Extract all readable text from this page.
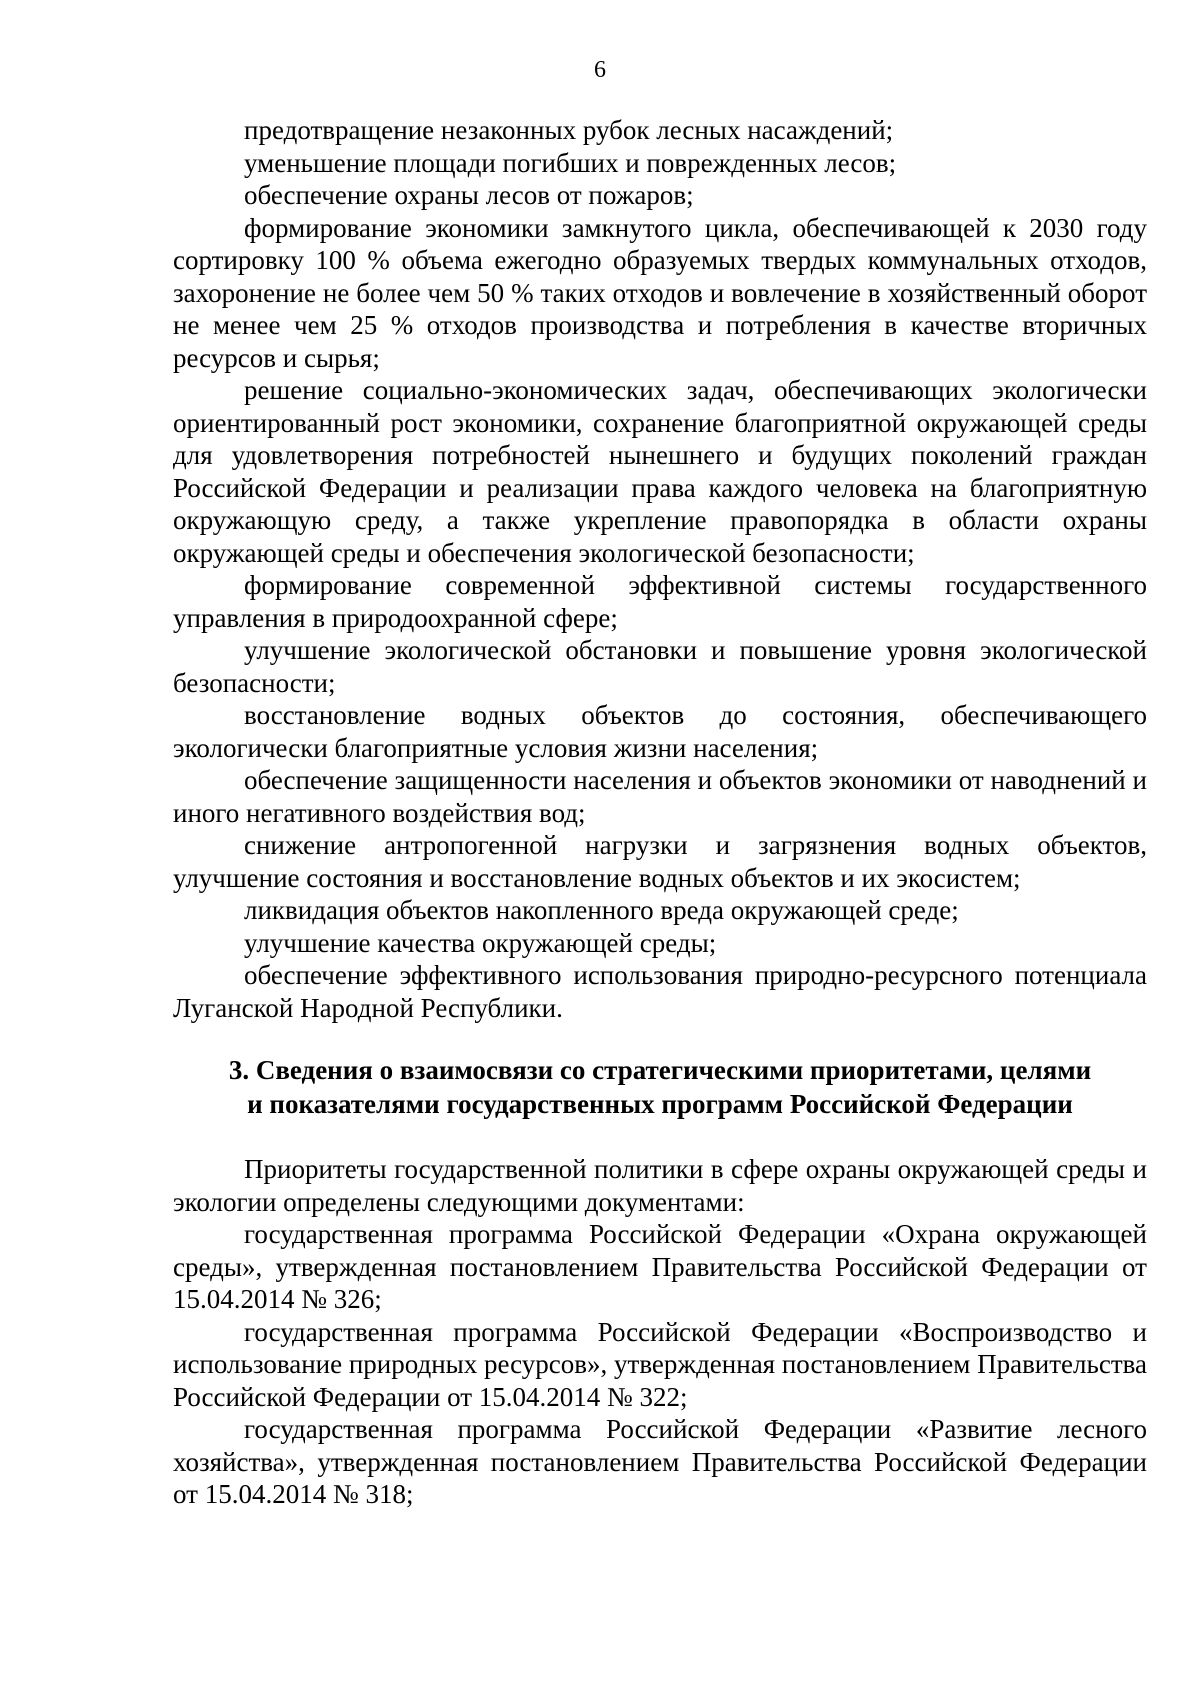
6

предотвращение незаконных рубок лесных насаждений;

уменьшение площади погибших и поврежденных лесов;

обеспечение охраны лесов от пожаров;

формирование экономики замкнутого цикла, обеспечивающей к 2030 году сортировку 100 % объема ежегодно образуемых твердых коммунальных отходов, захоронение не более чем 50 % таких отходов и вовлечение в хозяйственный оборот не менее чем 25 % отходов производства и потребления в качестве вторичных ресурсов и сырья;

решение социально-экономических задач, обеспечивающих экологически ориентированный рост экономики, сохранение благоприятной окружающей среды для удовлетворения потребностей нынешнего и будущих поколений граждан Российской Федерации и реализации права каждого человека на благоприятную окружающую среду, а также укрепление правопорядка в области охраны окружающей среды и обеспечения экологической безопасности;

формирование современной эффективной системы государственного управления в природоохранной сфере;

улучшение экологической обстановки и повышение уровня экологической безопасности;

восстановление водных объектов до состояния, обеспечивающего экологически благоприятные условия жизни населения;

обеспечение защищенности населения и объектов экономики от наводнений и иного негативного воздействия вод;

снижение антропогенной нагрузки и загрязнения водных объектов, улучшение состояния и восстановление водных объектов и их экосистем;

ликвидация объектов накопленного вреда окружающей среде;

улучшение качества окружающей среды;

обеспечение эффективного использования природно-ресурсного потенциала Луганской Народной Республики.

3. Сведения о взаимосвязи со стратегическими приоритетами, целями
и показателями государственных программ Российской Федерации

Приоритеты государственной политики в сфере охраны окружающей среды и экологии определены следующими документами:

государственная программа Российской Федерации «Охрана окружающей среды», утвержденная постановлением Правительства Российской Федерации от 15.04.2014 № 326;

государственная программа Российской Федерации «Воспроизводство и использование природных ресурсов», утвержденная постановлением Правительства Российской Федерации от 15.04.2014 № 322;

государственная программа Российской Федерации «Развитие лесного хозяйства», утвержденная постановлением Правительства Российской Федерации от 15.04.2014 № 318;
